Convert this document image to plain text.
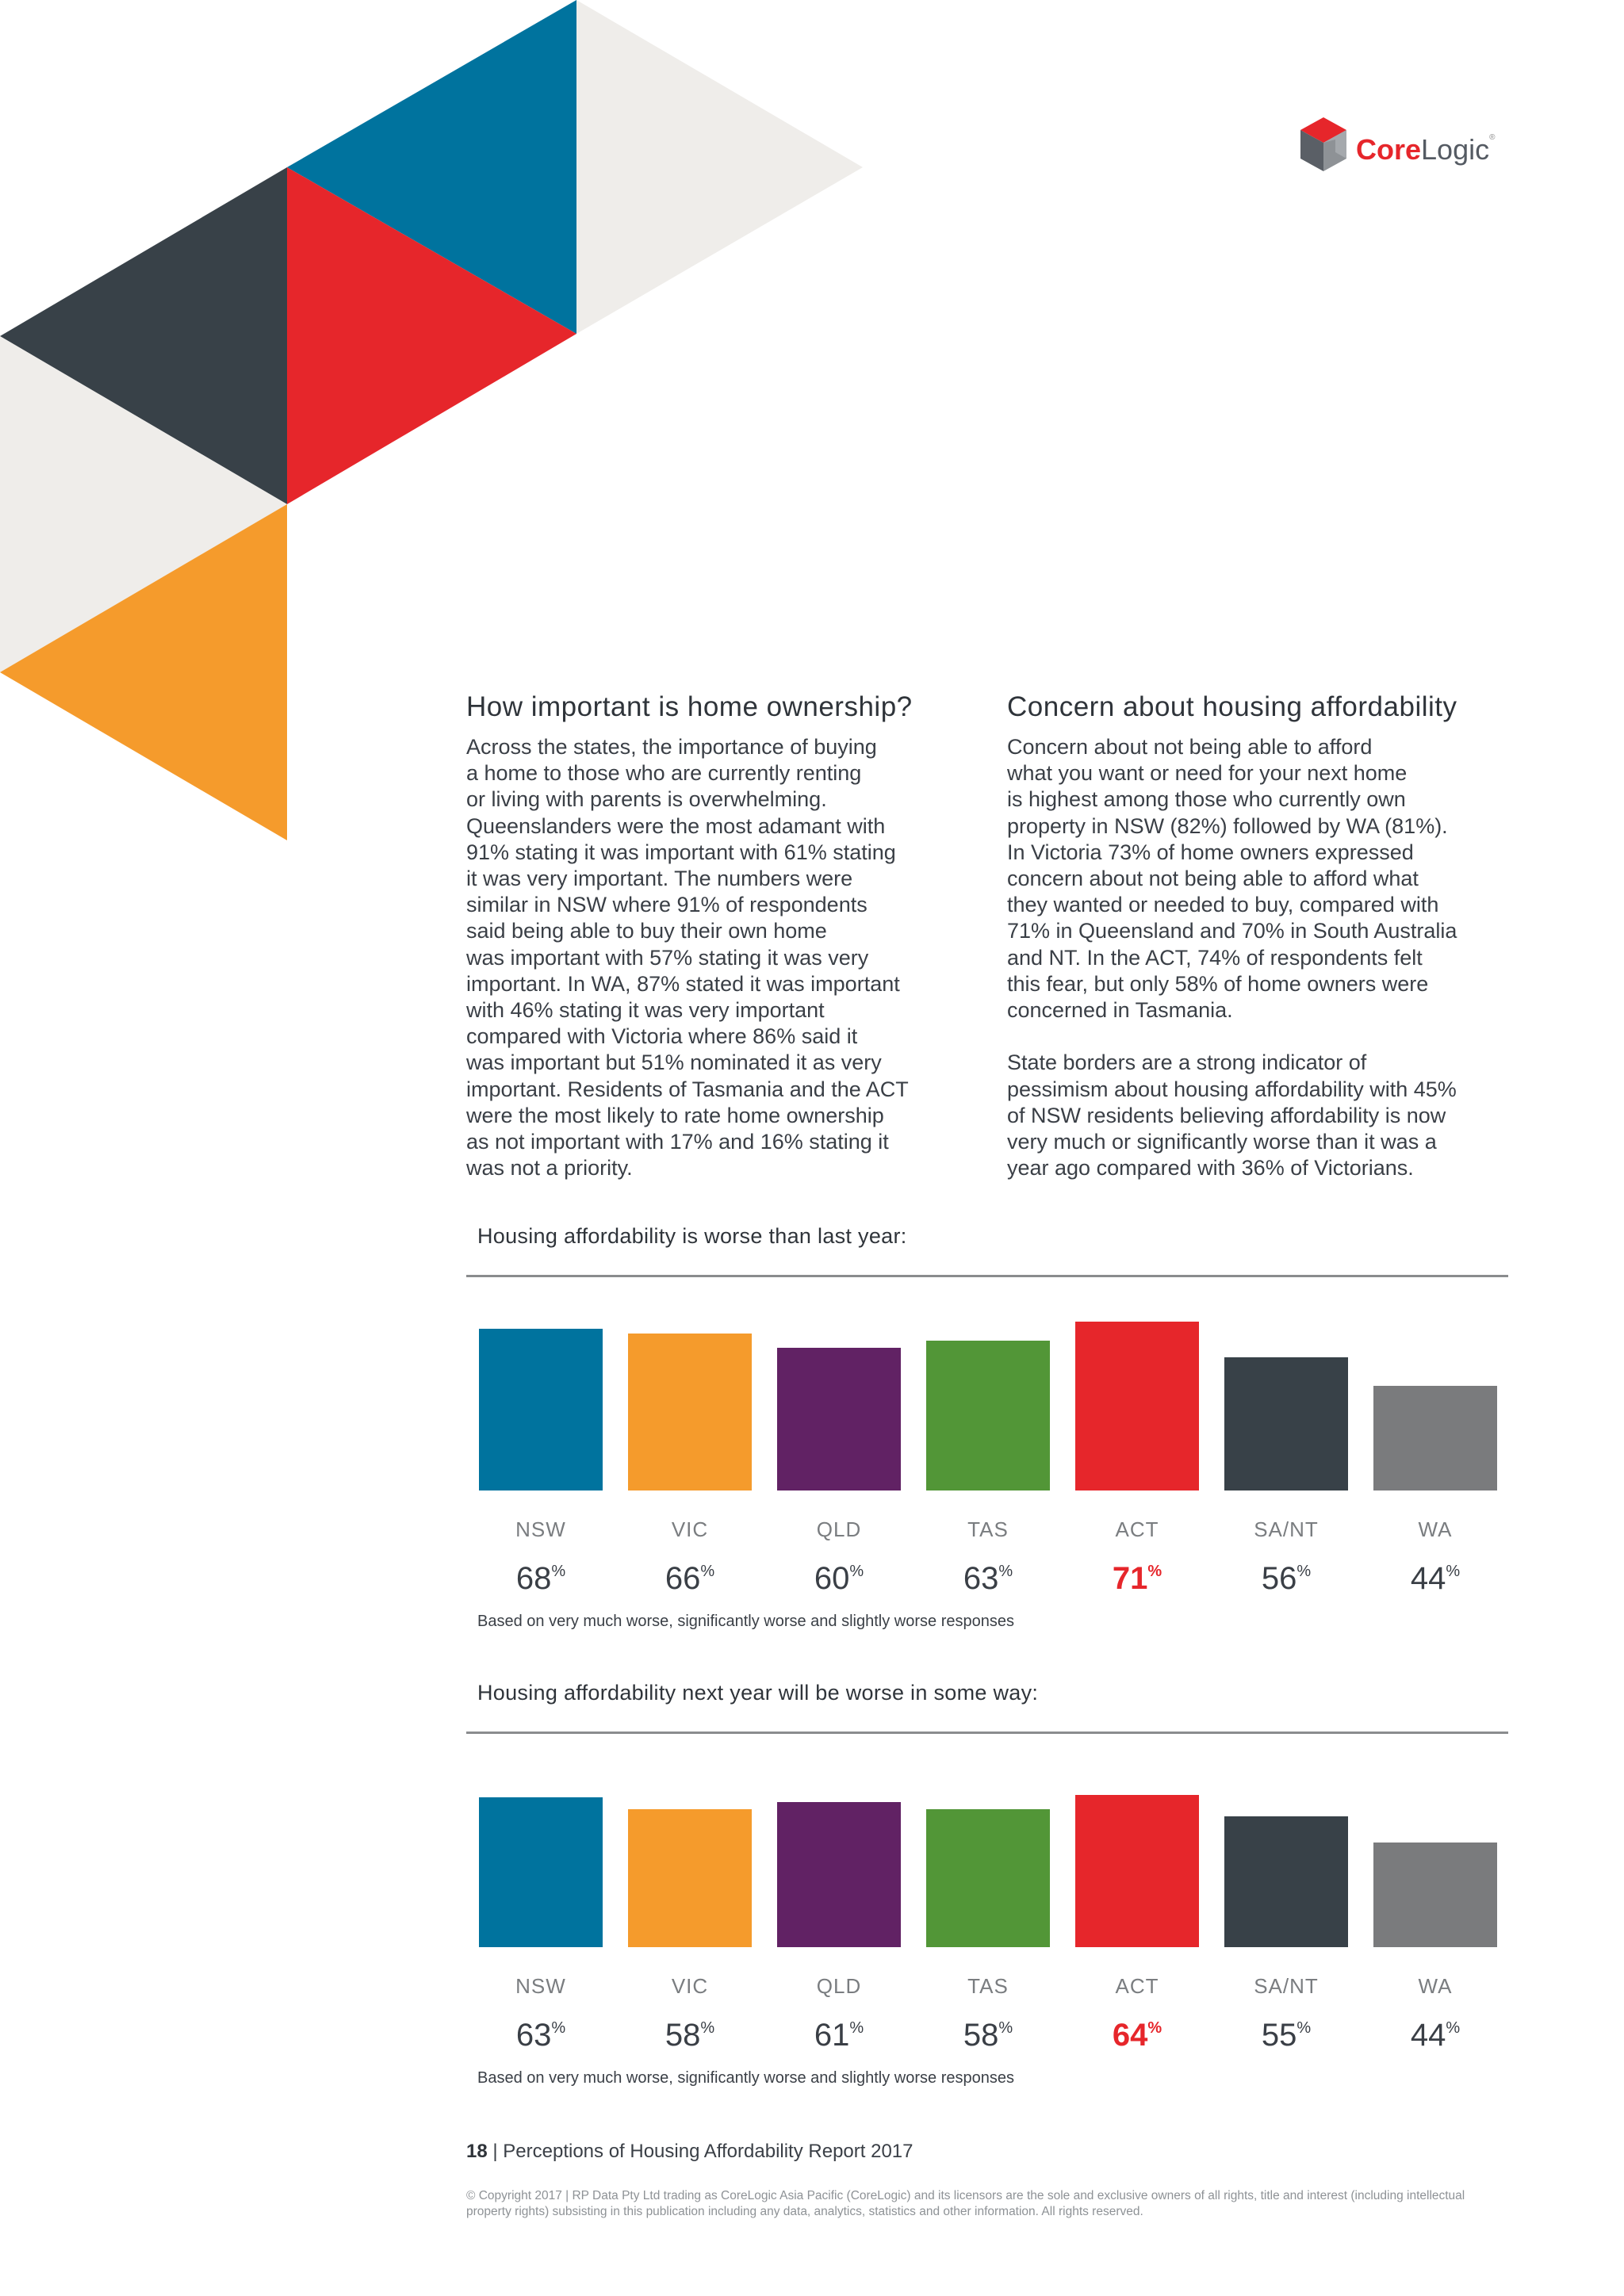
CoreLogic®
How important is home ownership?

Across the states, the importance of buying
a home to those who are currently renting
or living with parents is overwhelming.
Queenslanders were the most adamant with
91% stating it was important with 61% stating
it was very important. The numbers were
similar in NSW where 91% of respondents
said being able to buy their own home
was important with 57% stating it was very
important. In WA, 87% stated it was important
with 46% stating it was very important
compared with Victoria where 86% said it
was important but 51% nominated it as very
important. Residents of Tasmania and the ACT
were the most likely to rate home ownership
as not important with 17% and 16% stating it
was not a priority.

Concern about housing affordability

Concern about not being able to afford
what you want or need for your next home
is highest among those who currently own
property in NSW (82%) followed by WA (81%).
In Victoria 73% of home owners expressed
concern about not being able to afford what
they wanted or needed to buy, compared with
71% in Queensland and 70% in South Australia
and NT. In the ACT, 74% of respondents felt
this fear, but only 58% of home owners were
concerned in Tasmania.

State borders are a strong indicator of
pessimism about housing affordability with 45%
of NSW residents believing affordability is now
very much or significantly worse than it was a
year ago compared with 36% of Victorians.

Housing affordability is worse than last year:
NSW
68%
VIC
66%
QLD
60%
TAS
63%
ACT
71%
SA/NT
56%
WA
44%
Based on very much worse, significantly worse and slightly worse responses
Housing affordability next year will be worse in some way:
NSW
63%
VIC
58%
QLD
61%
TAS
58%
ACT
64%
SA/NT
55%
WA
44%
Based on very much worse, significantly worse and slightly worse responses
18 | Perceptions of Housing Affordability Report 2017
© Copyright 2017 | RP Data Pty Ltd trading as CoreLogic Asia Pacific (CoreLogic) and its licensors are the sole and exclusive owners of all rights, title and interest (including intellectual property rights) subsisting in this publication including any data, analytics, statistics and other information. All rights reserved.
